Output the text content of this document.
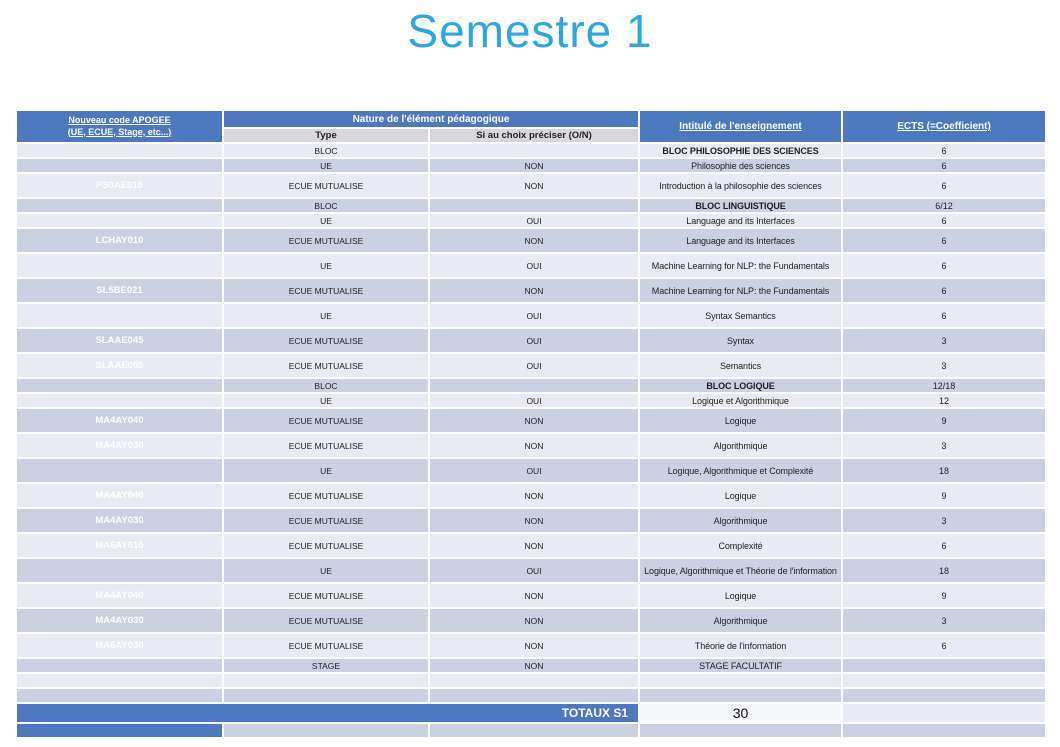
Semestre 1
Nouveau code APOGEE
(UE, ECUE, Stage, etc...)	Nature de l'élément pédagogique		Intitulé de l'enseignement	ECTS (=Coefficient)
	Type	Si au choix préciser (O/N)		
	BLOC		BLOC PHILOSOPHIE DES SCIENCES	6
	UE	NON	Philosophie des sciences	6
PS0AE010	ECUE MUTUALISE	NON	Introduction à la philosophie des sciences	6
	BLOC		BLOC LINGUISTIQUE	6/12
	UE	OUI	Language and its Interfaces	6
LCHAY010	ECUE MUTUALISE	NON	Language and its Interfaces	6
	UE	OUI	Machine Learning for NLP: the Fundamentals	6
SL5BE021	ECUE MUTUALISE	NON	Machine Learning for NLP: the Fundamentals	6
	UE	OUI	Syntax Semantics	6
SLAAE045	ECUE MUTUALISE	OUI	Syntax	3
SLAAE055	ECUE MUTUALISE	OUI	Semantics	3
	BLOC		BLOC LOGIQUE	12/18
	UE	OUI	Logique et Algorithmique	12
MA4AY040	ECUE MUTUALISE	NON	Logique	9
MA4AY030	ECUE MUTUALISE	NON	Algorithmique	3
	UE	OUI	Logique, Algorithmique et Complexité	18
MA4AY040	ECUE MUTUALISE	NON	Logique	9
MA4AY030	ECUE MUTUALISE	NON	Algorithmique	3
MA6AY010	ECUE MUTUALISE	NON	Complexité	6
	UE	OUI	Logique, Algorithmique et Théorie de l'information	18
MA4AY040	ECUE MUTUALISE	NON	Logique	9
MA4AY030	ECUE MUTUALISE	NON	Algorithmique	3
MA6AY030	ECUE MUTUALISE	NON	Théorie de l'information	6
	STAGE	NON	STAGE FACULTATIF	

TOTAUX S1			30	
